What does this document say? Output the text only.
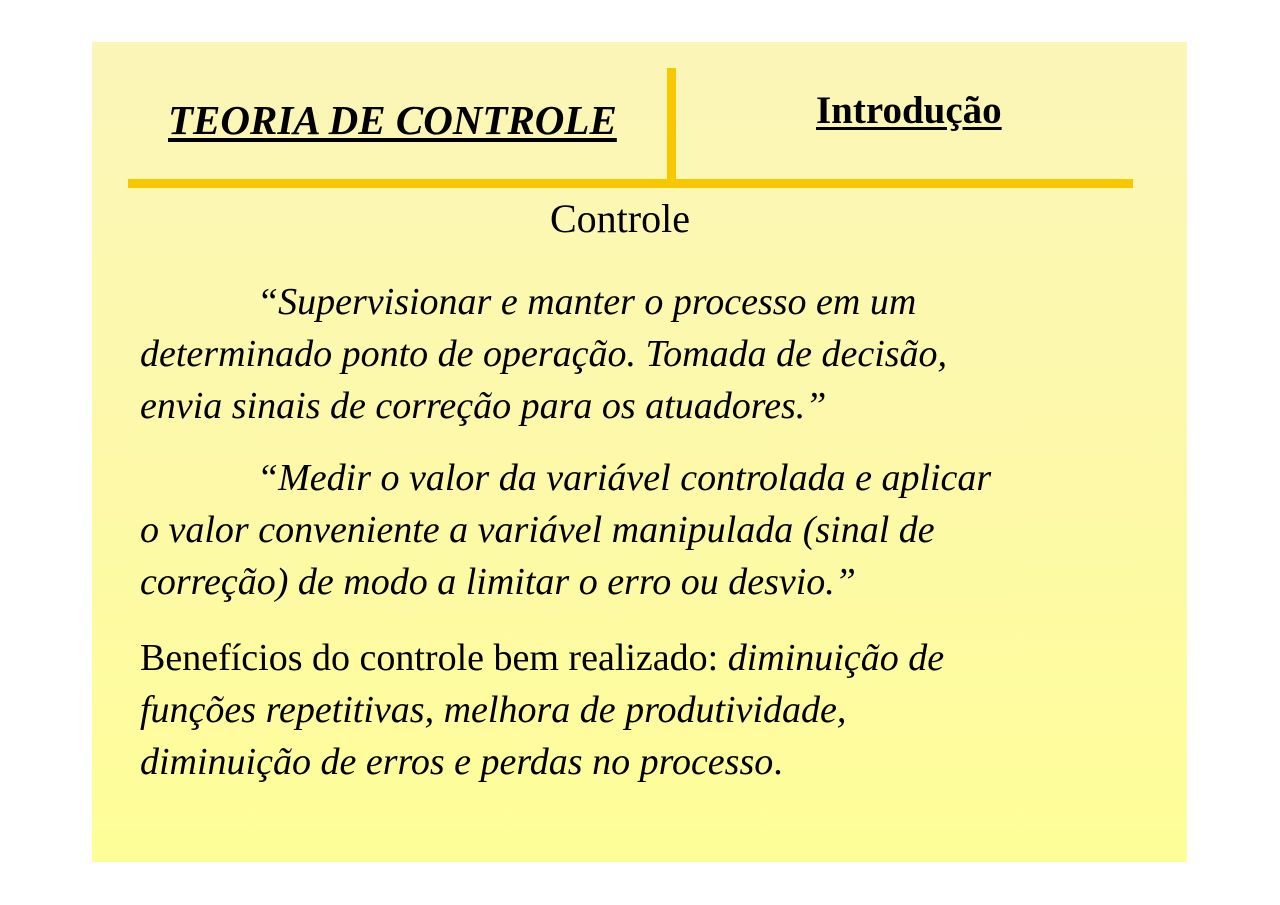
TEORIA DE CONTROLE	Introdução
Controle
“Supervisionar e manter o processo em um
determinado ponto de operação. Tomada de decisão,
envia sinais de correção para os atuadores.”
“Medir o valor da variável controlada e aplicar
o valor conveniente a variável manipulada (sinal de
correção) de modo a limitar o erro ou desvio.”
Benefícios do controle bem realizado: diminuição de
funções repetitivas, melhora de produtividade,
diminuição de erros e perdas no processo.
